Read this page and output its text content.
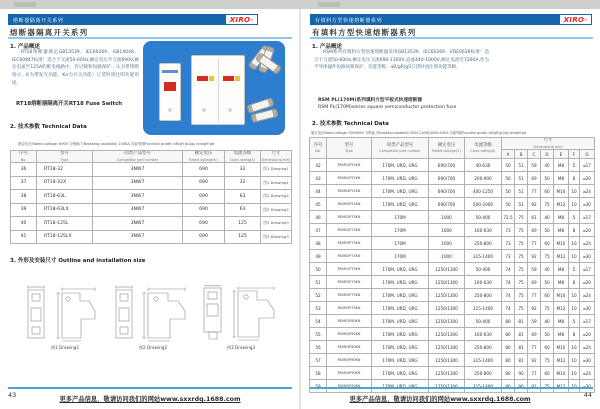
熔断器隔离开关系列	XIRO ®
熔断器隔离开关系列
1. 产品概述
RT18熔断器满足GB13539、IEC60269、GB14048、IEC60947标准！适合于交流50-60Hz,额定电压至交流690V,额定电流至125A的配电线路中，作过载和短路保护。（L为带熔断指示，K为带发光功能，Kn为开关功能）订货时请注明功能用途。
RT18熔断器隔离开关RT18 Fuse Switch
2. 技术参数 Technical Data
额定电压Rated voltage: 690V 分断能力Breaking capability 100KA 功能等级Function grade: aR/gR·gG/gL·am/gM·gtr
序号
No.	型号
Type	同类产品型号
Competitor part number	额定电压
Rated voltage(V)	电流等级
Class rating(A)	尺寸
Dimensions(mm)

36	RT18-32	3NW7	690	32	图1 Drawing1
37	RT18-32X	3NW7	690	32	图1 Drawing1
38	RT18-63L	3NW7	690	63	图2 Drawing2
39	RT18-63LX	3NW7	690	63	图2 Drawing2
40	RT18-125L	3NW7	690	125	图3 Drawing3
41	RT18-125LX	3NW7	690	125	图3 Drawing3
3. 外形及安装尺寸 Outline and installation size
图1 Drawing1	图2 Drawing2	图3 Drawing3
43
更多产品信息，敬请访问我们的网站www.sxxrdq.1688.com
有填料方型快速熔断器系列	XIRO ®
有填料方型快速熔断器系列
1. 产品概述
RSM系列有填料方型快速熔断器采用GB13539、IEC60269、VDE0636标准！适合于交流50-60Hz,额定电压交流690-1300V,直流440-1000V,额定电流至7200A,作为半导体器件短路故障保护，功能等级：aR/gR/gS订货时请注明功能等级。
RSM PL(170M)系列填料方型平板式快速熔断器
RSM PL(170M)series square semiconductor protection fuse
2. 技术参数 Technical Data
额定电压Rated voltage: 500/690V 分断能力Breaking capability 500V-120KA,690V-50KA 功能等级Function grade: aR/gR·gG/gL·am/gM·gtr
序号
No.	型号
Type	同类产品型号
Competitor part number	额定电压
Rated voltage(V)	电流等级
Class rating(A)	尺寸
Dimensions(mm)						

					A	B	C	D	E	F	G
42	RSM01P51KN	170M, URD, URG	690/700	40-630	50	51	59	40	M8	5	⌀17
43	RSM02P51KN	170M, URD, URG	690/700	200-900	50	51	69	50	M8	8	⌀20
44	RSM03P51KN	170M, URD, URG	690/700	400-1250	50	51	77	60	M10	10	⌀24
45	RSM05P51KN	170M, URD, URG	690/700	500-2000	50	51	92	75	M12	10	⌀30
46	RSM01P75KN	170M	1000	50-400	72.5	75	61	40	M8	5	⌀17
47	RSM02P75KN	170M	1000	160-630	73	75	69	50	M8	8	⌀20
48	RSM03P75KN	170M	1000	250-800	73	75	77	60	M10	10	⌀24
49	RSM05P75KN	170M	1000	315-1400	73	75	92	75	M12	10	⌀30
50	RSM01P75KN	170M, URD, URG	1250/1300	50-400	74	75	59	40	M8	5	⌀17
51	RSM02P75KN	170M, URD, URG	1250/1300	160-630	74	75	69	50	M8	8	⌀20
52	RSM03P75KN	170M, URD, URG	1250/1300	250-800	74	75	77	60	M10	10	⌀24
53	RSM05P75KN	170M, URD, URG	1250/1300	315-1400	74	75	92	75	M12	10	⌀30
54	RSM01P80KN	170M, URD, URG	1250/1300	50-400	80	81	59	40	M8	5	⌀17
55	RSM02P80KN	170M, URD, URG	1250/1300	160-630	80	81	69	50	M8	8	⌀20
56	RSM03P80KN	170M, URD, URG	1250/1300	250-800	80	81	77	60	M10	10	⌀24
57	RSM05P80KN	170M, URD, URG	1250/1300	315-1400	80	81	92	75	M12	10	⌀30
58	RSM03P90KN	170M, URD, URG	1250/1300	250-800	80	90	77	60	M10	10	⌀24

更多产品信息，敬请访问我们的网站www.sxxrdq.1688.com
44
